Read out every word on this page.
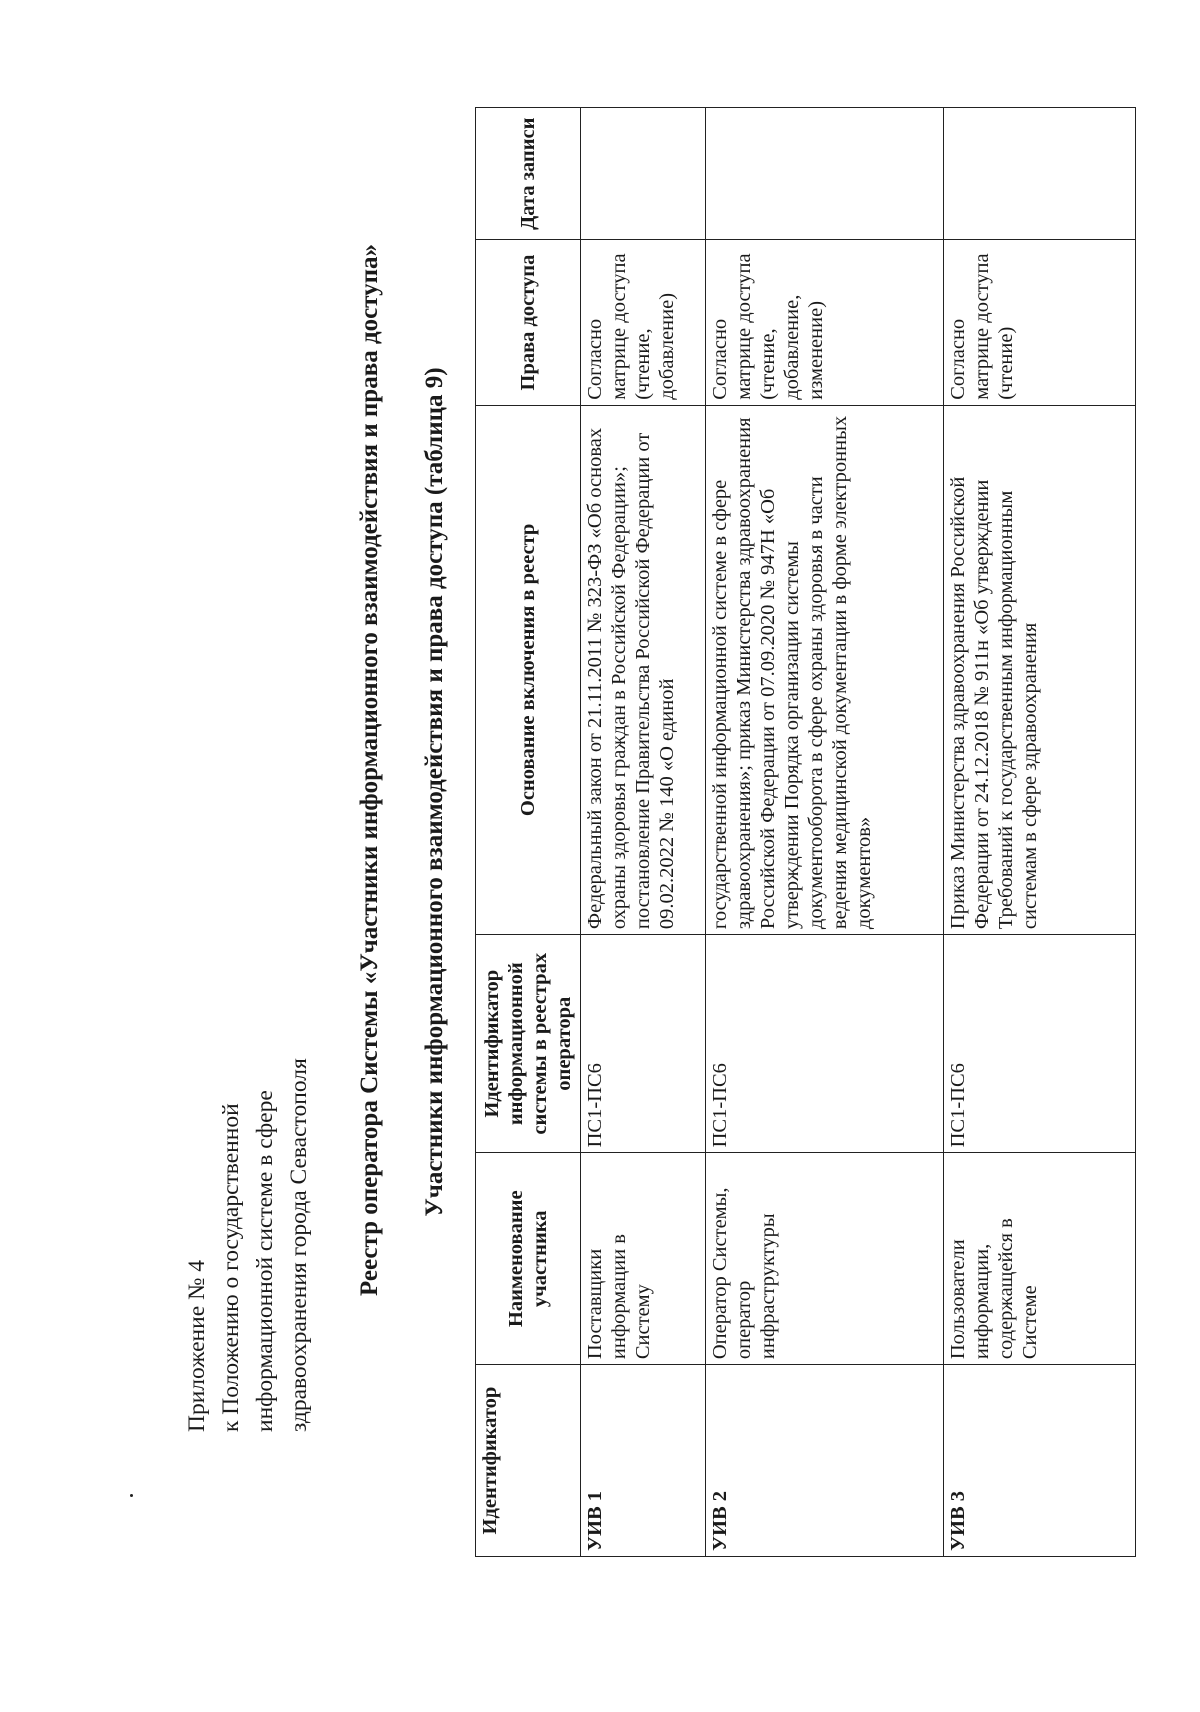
Приложение № 4 к Положению о государственной информационной системе в сфере здравоохранения города Севастополя Реестр оператора Системы «Участники информационного взаимодействия и права доступа» Участники информационного взаимодействия и права доступа (таблица 9)
Идентификатор	Наименование участника	Идентификатор информационной системы в реестрах оператора	Основание включения в реестр	Права доступа	Дата записи
УИВ 1	Поставщики информации в Систему	ПС1-ПС6	Федеральный закон от 21.11.2011 № 323-ФЗ «Об основах охраны здоровья граждан в Российской Федерации»; постановление Правительства Российской Федерации от 09.02.2022 № 140 «О единой	Согласно матрице доступа (чтение, добавление)	
УИВ 2	Оператор Системы, оператор инфраструктуры	ПС1-ПС6	государственной информационной системе в сфере здравоохранения»; приказ Министерства здравоохранения Российской Федерации от 07.09.2020 № 947Н «Об утверждении Порядка организации системы документооборота в сфере охраны здоровья в части ведения медицинской документации в форме электронных документов»	Согласно матрице доступа (чтение, добавление, изменение)	
УИВ 3	Пользователи информации, содержащейся в Системе	ПС1-ПС6	Приказ Министерства здравоохранения Российской Федерации от 24.12.2018 № 911н «Об утверждении Требований к государственным информационным системам в сфере здравоохранения	Согласно матрице доступа (чтение)	
